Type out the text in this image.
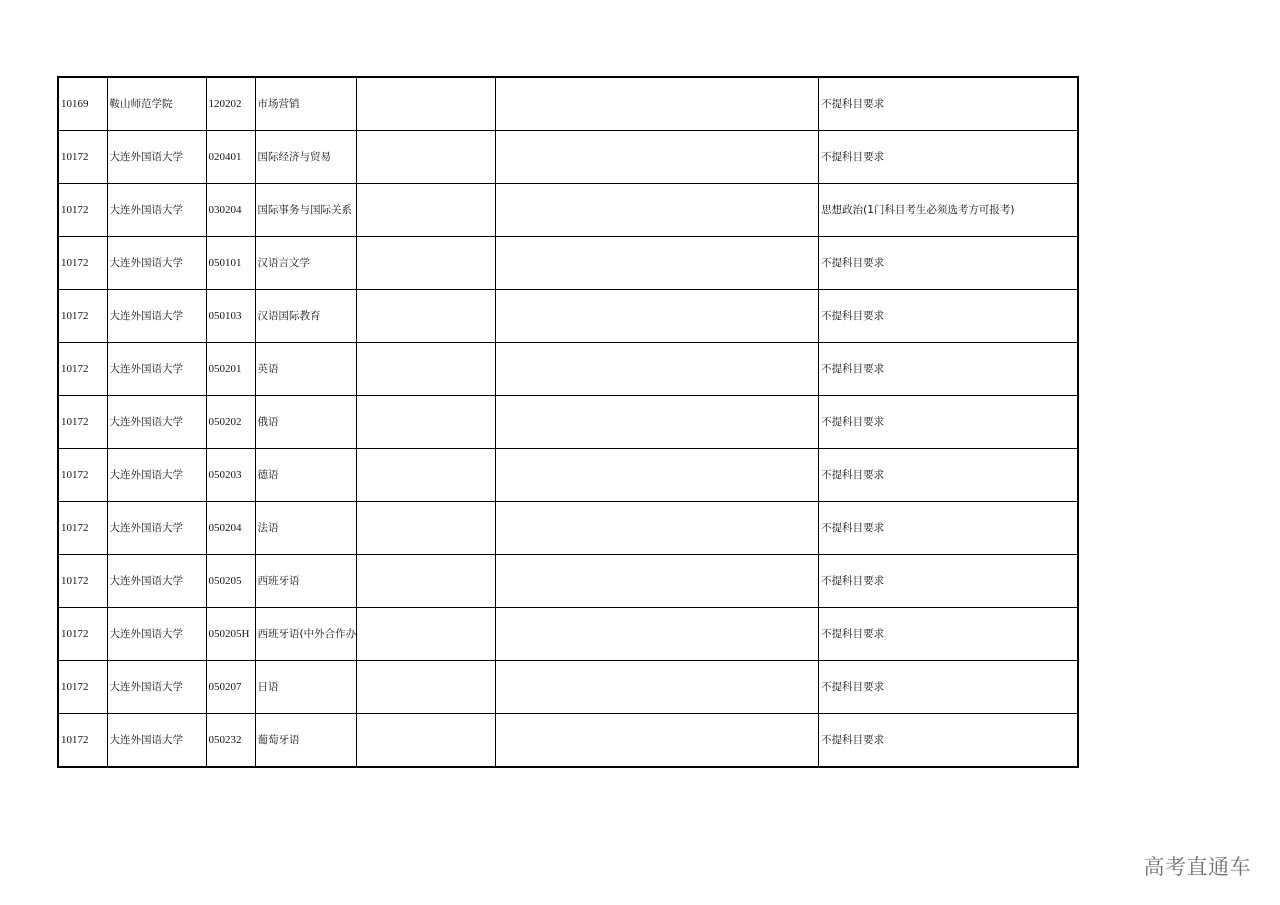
10169	鞍山师范学院	120202	市场营销			不提科目要求
10172	大连外国语大学	020401	国际经济与贸易			不提科目要求
10172	大连外国语大学	030204	国际事务与国际关系			思想政治(1门科目考生必须选考方可报考)
10172	大连外国语大学	050101	汉语言文学			不提科目要求
10172	大连外国语大学	050103	汉语国际教育			不提科目要求
10172	大连外国语大学	050201	英语			不提科目要求
10172	大连外国语大学	050202	俄语			不提科目要求
10172	大连外国语大学	050203	德语			不提科目要求
10172	大连外国语大学	050204	法语			不提科目要求
10172	大连外国语大学	050205	西班牙语			不提科目要求
10172	大连外国语大学	050205H	西班牙语(中外合作办			不提科目要求
10172	大连外国语大学	050207	日语			不提科目要求
10172	大连外国语大学	050232	葡萄牙语			不提科目要求
高考直通车
